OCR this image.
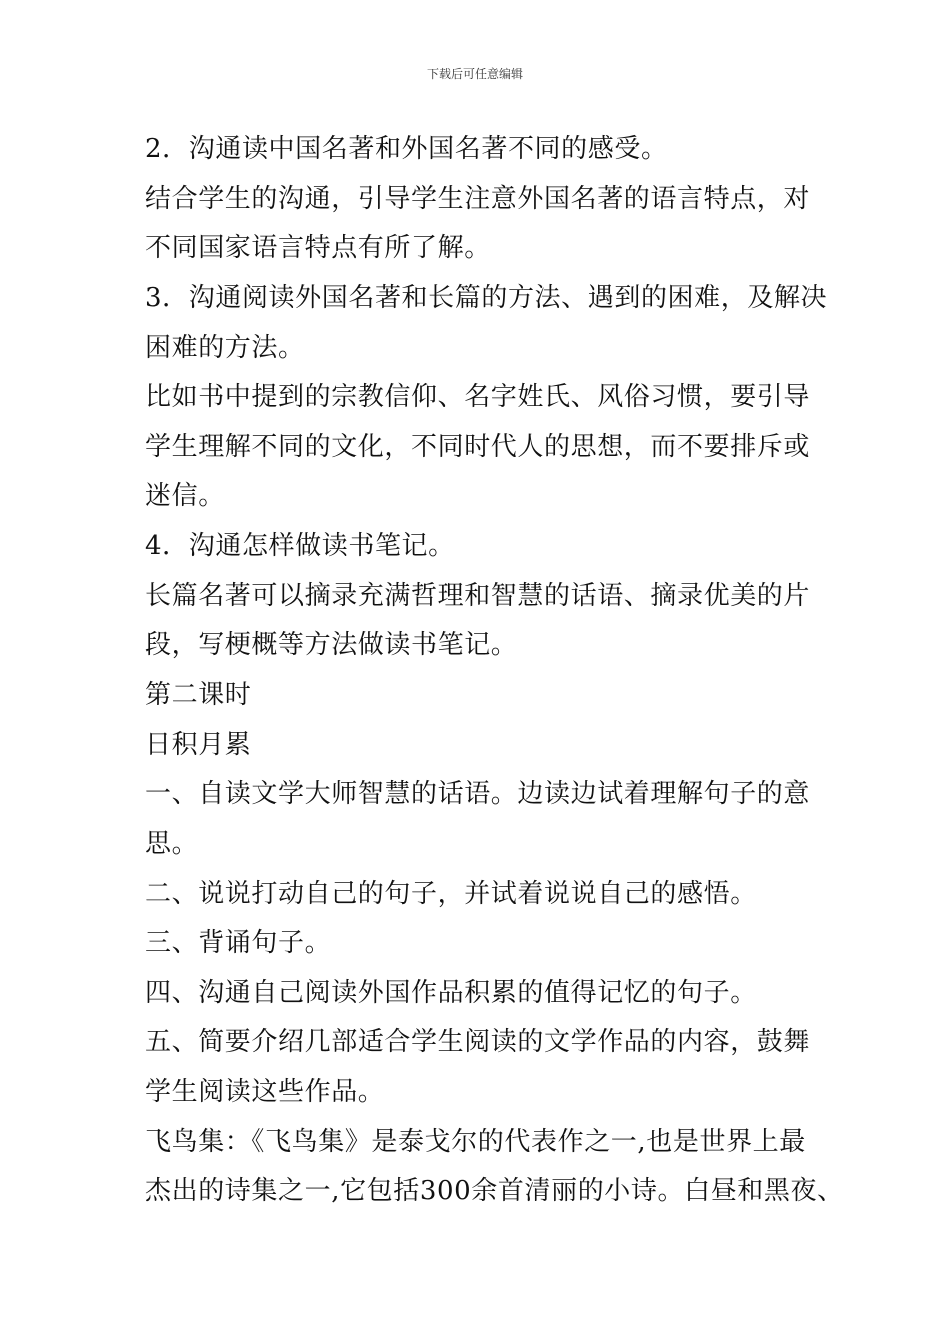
下载后可任意编辑
2．沟通读中国名著和外国名著不同的感受。
结合学生的沟通，引导学生注意外国名著的语言特点，对
不同国家语言特点有所了解。
3．沟通阅读外国名著和长篇的方法、遇到的困难，及解决
困难的方法。
比如书中提到的宗教信仰、名字姓氏、风俗习惯，要引导
学生理解不同的文化，不同时代人的思想，而不要排斥或
迷信。
4．沟通怎样做读书笔记。
长篇名著可以摘录充满哲理和智慧的话语、摘录优美的片
段，写梗概等方法做读书笔记。
第二课时
日积月累
一、自读文学大师智慧的话语。边读边试着理解句子的意
思。
二、说说打动自己的句子，并试着说说自己的感悟。
三、背诵句子。
四、沟通自己阅读外国作品积累的值得记忆的句子。
五、简要介绍几部适合学生阅读的文学作品的内容，鼓舞
学生阅读这些作品。
飞鸟集：《飞鸟集》是泰戈尔的代表作之一,也是世界上最
杰出的诗集之一,它包括300余首清丽的小诗。白昼和黑夜、
